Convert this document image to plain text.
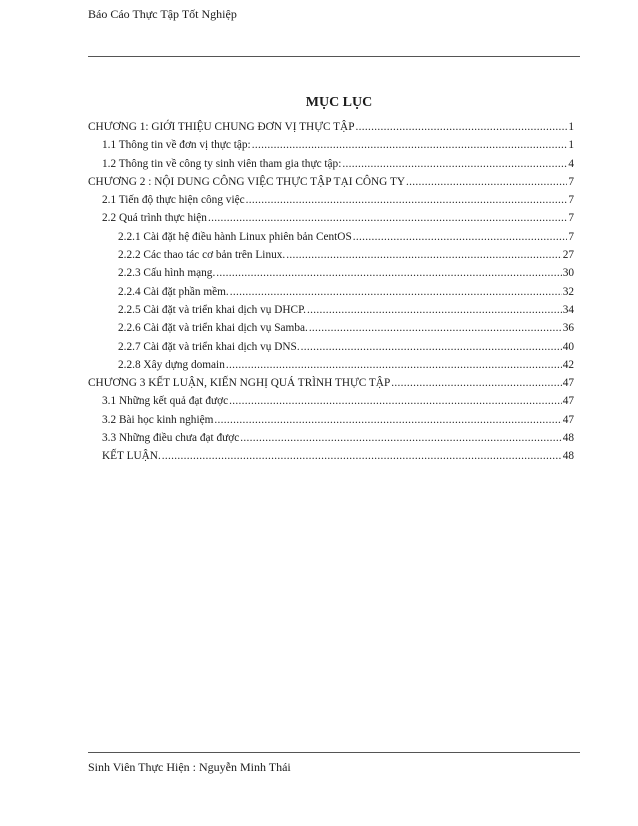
Báo Cáo Thực Tập Tốt Nghiệp
MỤC LỤC
CHƯƠNG 1: GIỚI THIỆU CHUNG ĐƠN VỊ THỰC TẬP .....	1
1.1 Thông tin về đơn vị thực tập: .....	1
1.2 Thông tin về công ty sinh viên tham gia thực tập: .....	4
CHƯƠNG 2 : NỘI DUNG CÔNG VIỆC THỰC TẬP TẠI CÔNG TY .....	7
2.1 Tiến độ thực hiện công việc .....	7
2.2 Quá trình thực hiện .....	7
2.2.1 Cài đặt hệ điều hành Linux phiên bản CentOS .....	7
2.2.2 Các thao tác cơ bản trên Linux. .....	27
2.2.3 Cấu hình mạng. .....	30
2.2.4 Cài đặt phần mềm. .....	32
2.2.5 Cài đặt và triển khai dịch vụ DHCP. .....	34
2.2.6 Cài đặt và triển khai dịch vụ Samba. .....	36
2.2.7 Cài đặt và triển khai dịch vụ DNS. .....	40
2.2.8 Xây dựng domain .....	42
CHƯƠNG 3 KẾT LUẬN, KIẾN NGHỊ QUÁ TRÌNH THỰC TẬP .....	47
3.1 Những kết quả đạt được .....	47
3.2 Bài học kinh nghiệm .....	47
3.3 Những điều chưa đạt được .....	48
KẾT LUẬN. .....	48
Sinh Viên Thực Hiện : Nguyễn Minh Thái
